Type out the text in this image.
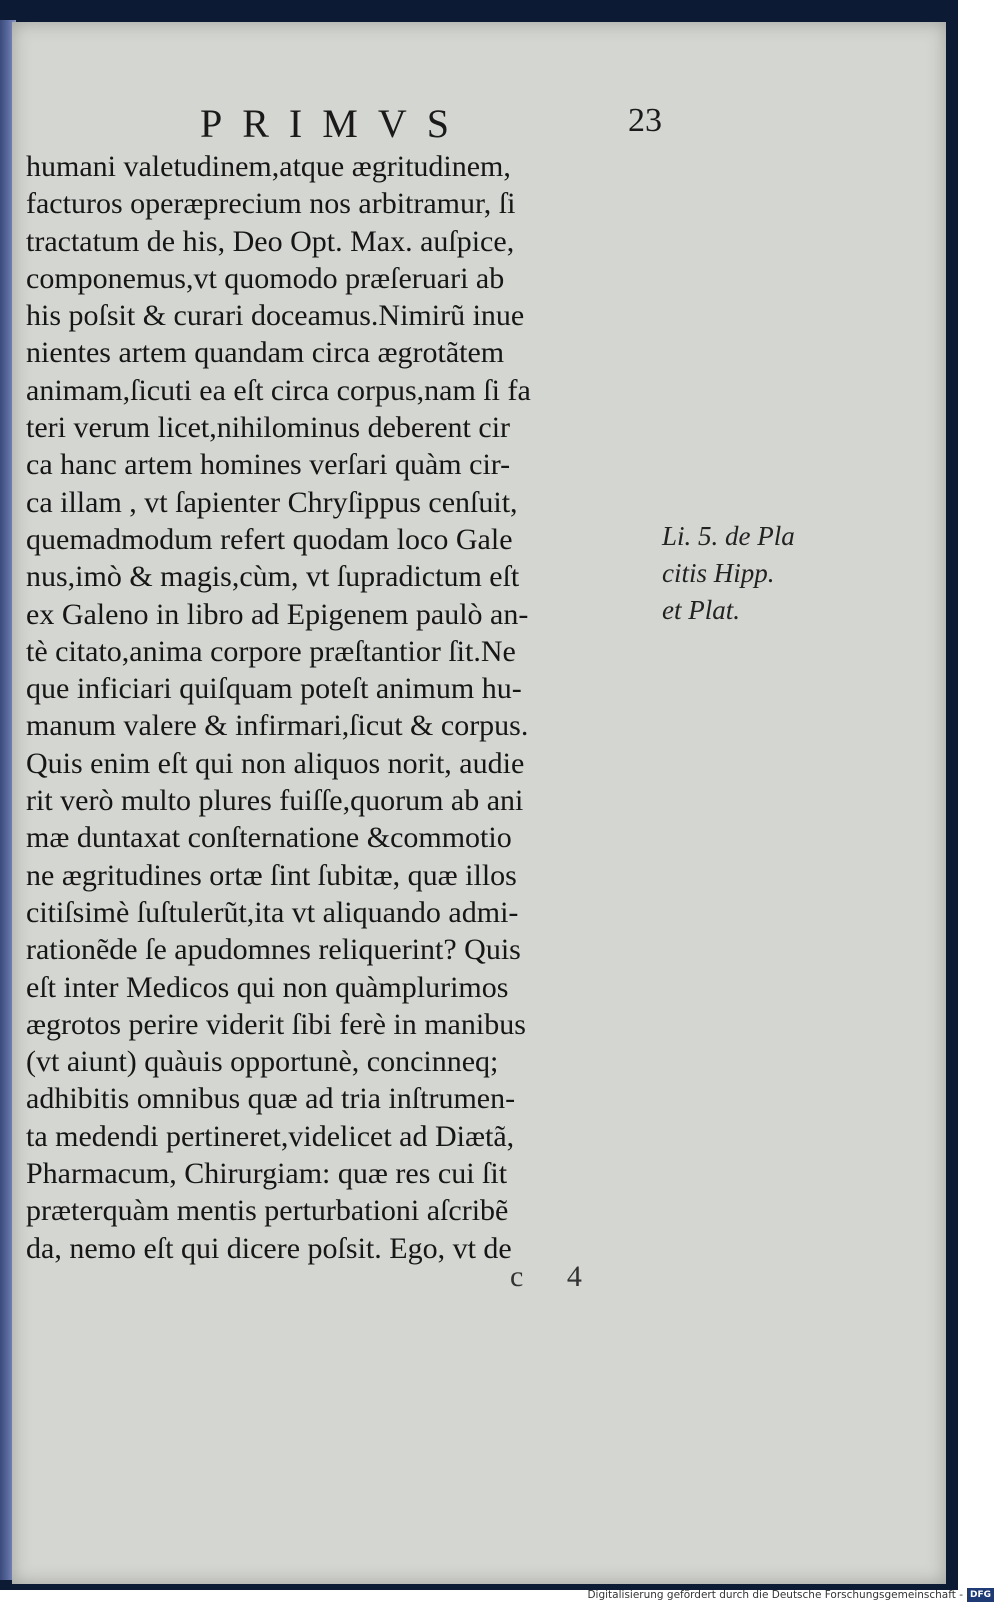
PRIMVS	23
humani valetudinem,atque ægritudinem,
facturos operæprecium nos arbitramur, ſi
tractatum de his, Deo Opt. Max. auſpice,
componemus,vt quomodo præſeruari ab
his poſsit & curari doceamus.Nimirũ inue
nientes artem quandam circa ægrotãtem
animam,ſicuti ea eſt circa corpus,nam ſi fa
teri verum licet,nihilominus deberent cir
ca hanc artem homines verſari quàm cir-
ca illam , vt ſapienter Chryſippus cenſuit,
quemadmodum refert quodam loco Gale
nus,imò & magis,cùm, vt ſupradictum eſt
ex Galeno in libro ad Epigenem paulò an-
tè citato,anima corpore præſtantior ſit.Ne
que inficiari quiſquam poteſt animum hu-
manum valere & infirmari,ſicut & corpus.
Quis enim eſt qui non aliquos norit, audie
rit verò multo plures fuiſſe,quorum ab ani
mæ duntaxat conſternatione &commotio
ne ægritudines ortæ ſint ſubitæ, quæ illos
citiſsimè ſuſtulerũt,ita vt aliquando admi-
rationẽde ſe apudomnes reliquerint? Quis
eſt inter Medicos qui non quàmplurimos
ægrotos perire viderit ſibi ferè in manibus
(vt aiunt) quàuis opportunè, concinneq;
adhibitis omnibus quæ ad tria inſtrumen-
ta medendi pertineret,videlicet ad Diætã,
Pharmacum, Chirurgiam: quæ res cui ſit
præterquàm mentis perturbationi aſcribẽ
da, nemo eſt qui dicere poſsit. Ego, vt de
Li. 5. de Pla
citis Hipp.
et Plat.
c 4
Digitalisierung gefördert durch die Deutsche Forschungsgemeinschaft - DFG
